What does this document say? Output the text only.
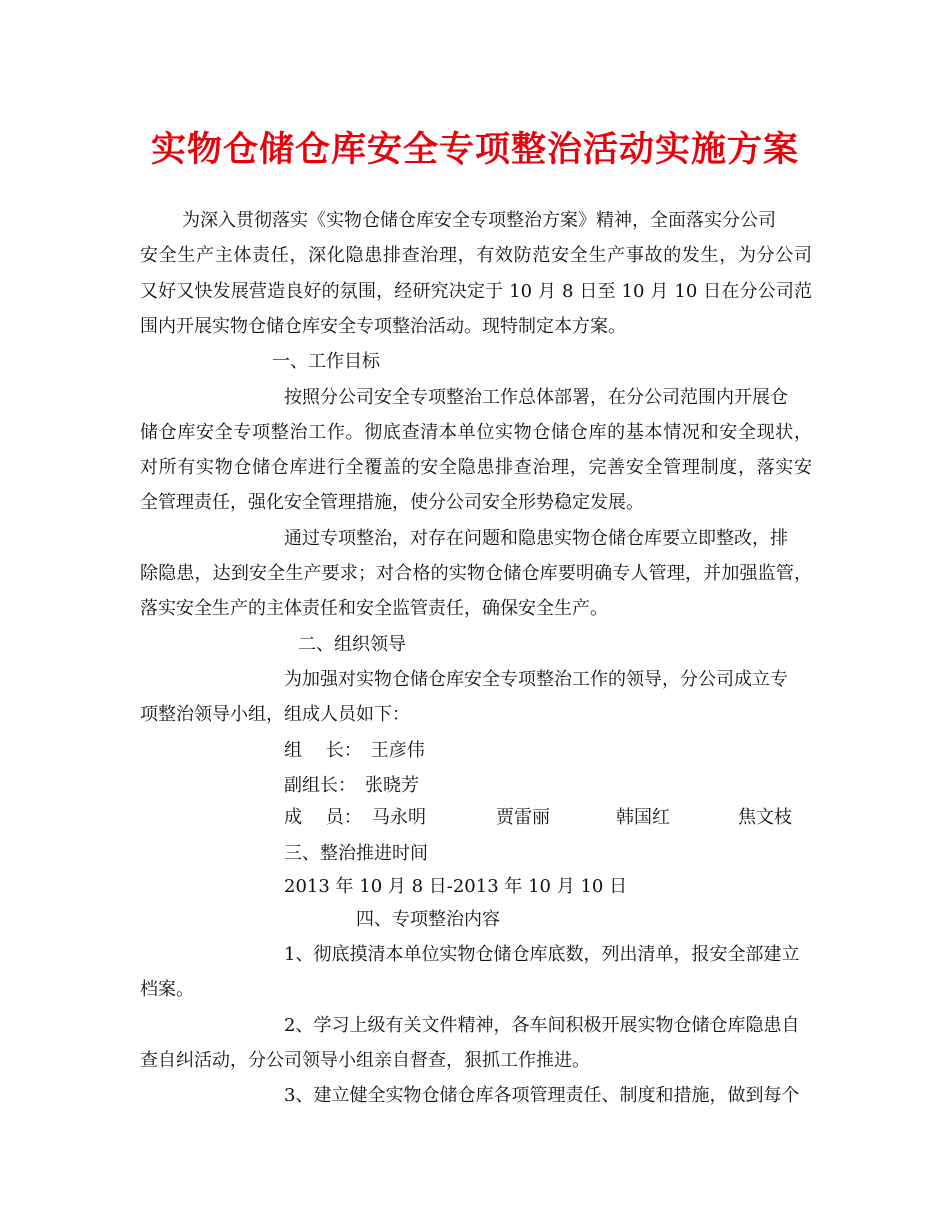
实物仓储仓库安全专项整治活动实施方案
为深入贯彻落实《实物仓储仓库安全专项整治方案》精神，全面落实分公司
安全生产主体责任，深化隐患排查治理，有效防范安全生产事故的发生，为分公司
又好又快发展营造良好的氛围，经研究决定于 10 月 8 日至 10 月 10 日在分公司范
围内开展实物仓储仓库安全专项整治活动。现特制定本方案。
一、工作目标
按照分公司安全专项整治工作总体部署，在分公司范围内开展仓
储仓库安全专项整治工作。彻底查清本单位实物仓储仓库的基本情况和安全现状，
对所有实物仓储仓库进行全覆盖的安全隐患排查治理，完善安全管理制度，落实安
全管理责任，强化安全管理措施，使分公司安全形势稳定发展。
通过专项整治，对存在问题和隐患实物仓储仓库要立即整改，排
除隐患，达到安全生产要求；对合格的实物仓储仓库要明确专人管理，并加强监管，
落实安全生产的主体责任和安全监管责任，确保安全生产。
二、组织领导
为加强对实物仓储仓库安全专项整治工作的领导，分公司成立专
项整治领导小组，组成人员如下：
组　 长：　王彦伟
副组长：　张晓芳
成　 员： 马永明	贾雷丽	韩国红	焦文枝
三、整治推进时间
2013 年 10 月 8 日-2013 年 10 月 10 日
四、专项整治内容
1、彻底摸清本单位实物仓储仓库底数，列出清单，报安全部建立
档案。
2、学习上级有关文件精神，各车间积极开展实物仓储仓库隐患自
查自纠活动，分公司领导小组亲自督查，狠抓工作推进。
3、建立健全实物仓储仓库各项管理责任、制度和措施，做到每个
